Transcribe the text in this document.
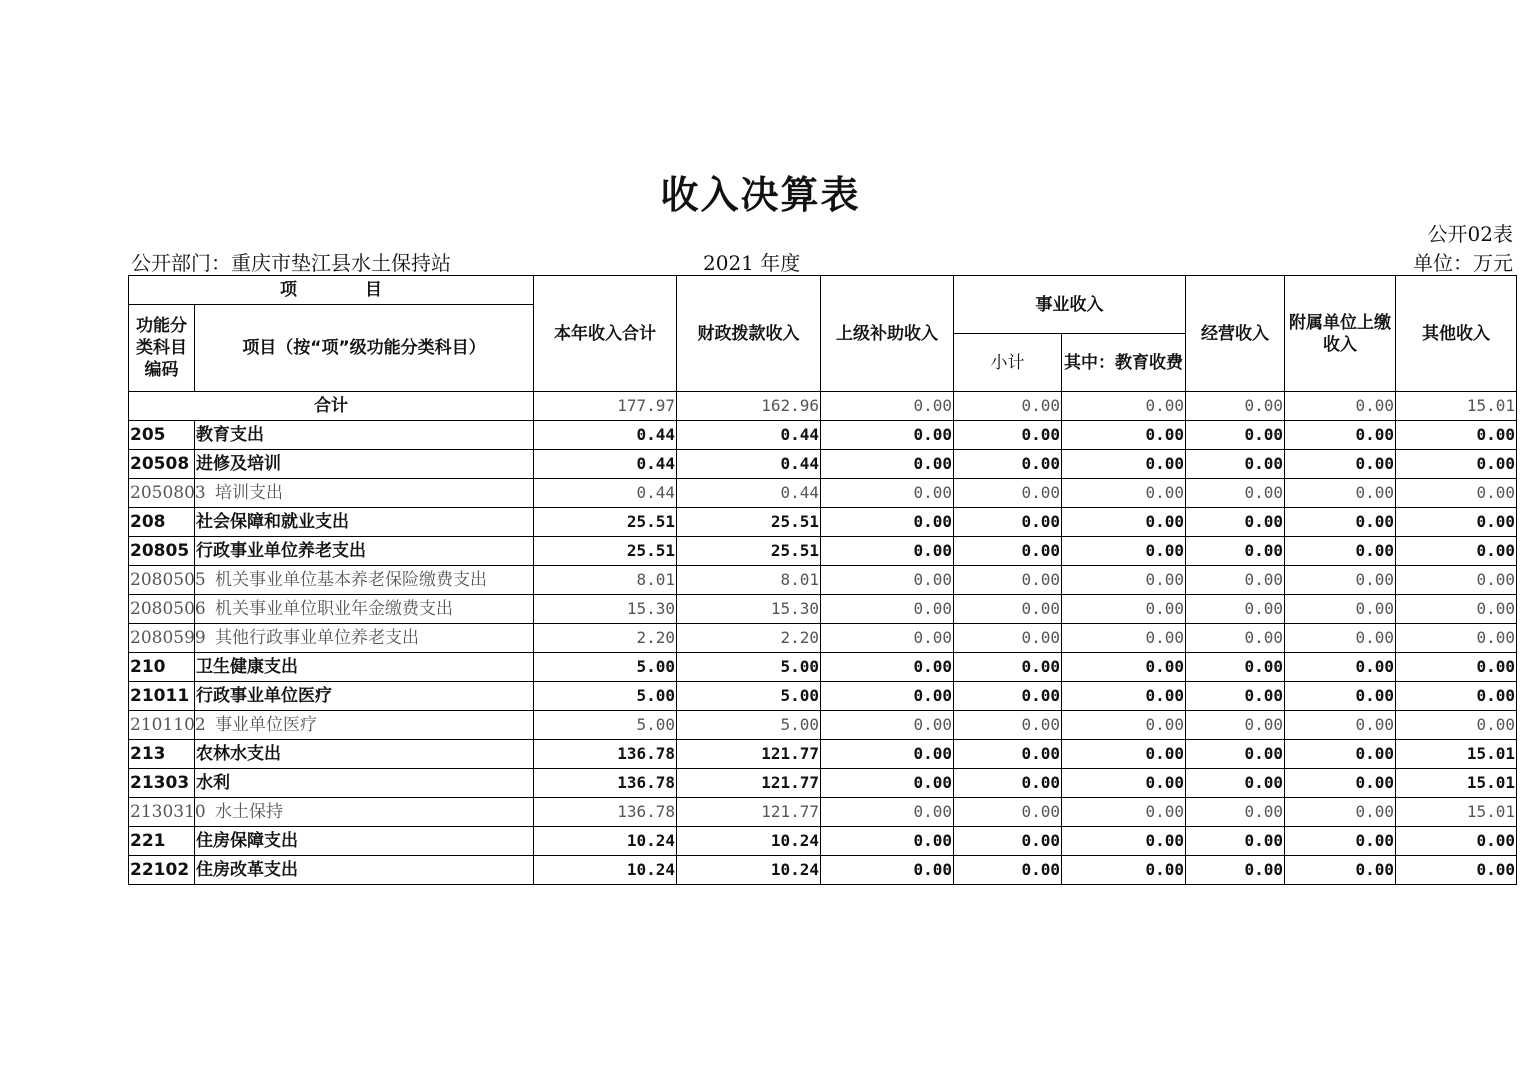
收入决算表
公开02表
公开部门：重庆市垫江县水土保持站	2021 年度	单位：万元
项　　　　目		本年收入合计	财政拨款收入	上级补助收入	事业收入		经营收入	附属单位上缴收入	其他收入
功能分类科目编码	项目（按“项”级功能分类科目）								
					小计	其中：教育收费			
合计		177.97	162.96	0.00	0.00	0.00	0.00	0.00	15.01
205	教育支出	0.44	0.44	0.00	0.00	0.00	0.00	0.00	0.00
20508	进修及培训	0.44	0.44	0.00	0.00	0.00	0.00	0.00	0.00
2050803	培训支出	0.44	0.44	0.00	0.00	0.00	0.00	0.00	0.00
208	社会保障和就业支出	25.51	25.51	0.00	0.00	0.00	0.00	0.00	0.00
20805	行政事业单位养老支出	25.51	25.51	0.00	0.00	0.00	0.00	0.00	0.00
2080505	机关事业单位基本养老保险缴费支出	8.01	8.01	0.00	0.00	0.00	0.00	0.00	0.00
2080506	机关事业单位职业年金缴费支出	15.30	15.30	0.00	0.00	0.00	0.00	0.00	0.00
2080599	其他行政事业单位养老支出	2.20	2.20	0.00	0.00	0.00	0.00	0.00	0.00
210	卫生健康支出	5.00	5.00	0.00	0.00	0.00	0.00	0.00	0.00
21011	行政事业单位医疗	5.00	5.00	0.00	0.00	0.00	0.00	0.00	0.00
2101102	事业单位医疗	5.00	5.00	0.00	0.00	0.00	0.00	0.00	0.00
213	农林水支出	136.78	121.77	0.00	0.00	0.00	0.00	0.00	15.01
21303	水利	136.78	121.77	0.00	0.00	0.00	0.00	0.00	15.01
2130310	水土保持	136.78	121.77	0.00	0.00	0.00	0.00	0.00	15.01
221	住房保障支出	10.24	10.24	0.00	0.00	0.00	0.00	0.00	0.00
22102	住房改革支出	10.24	10.24	0.00	0.00	0.00	0.00	0.00	0.00
